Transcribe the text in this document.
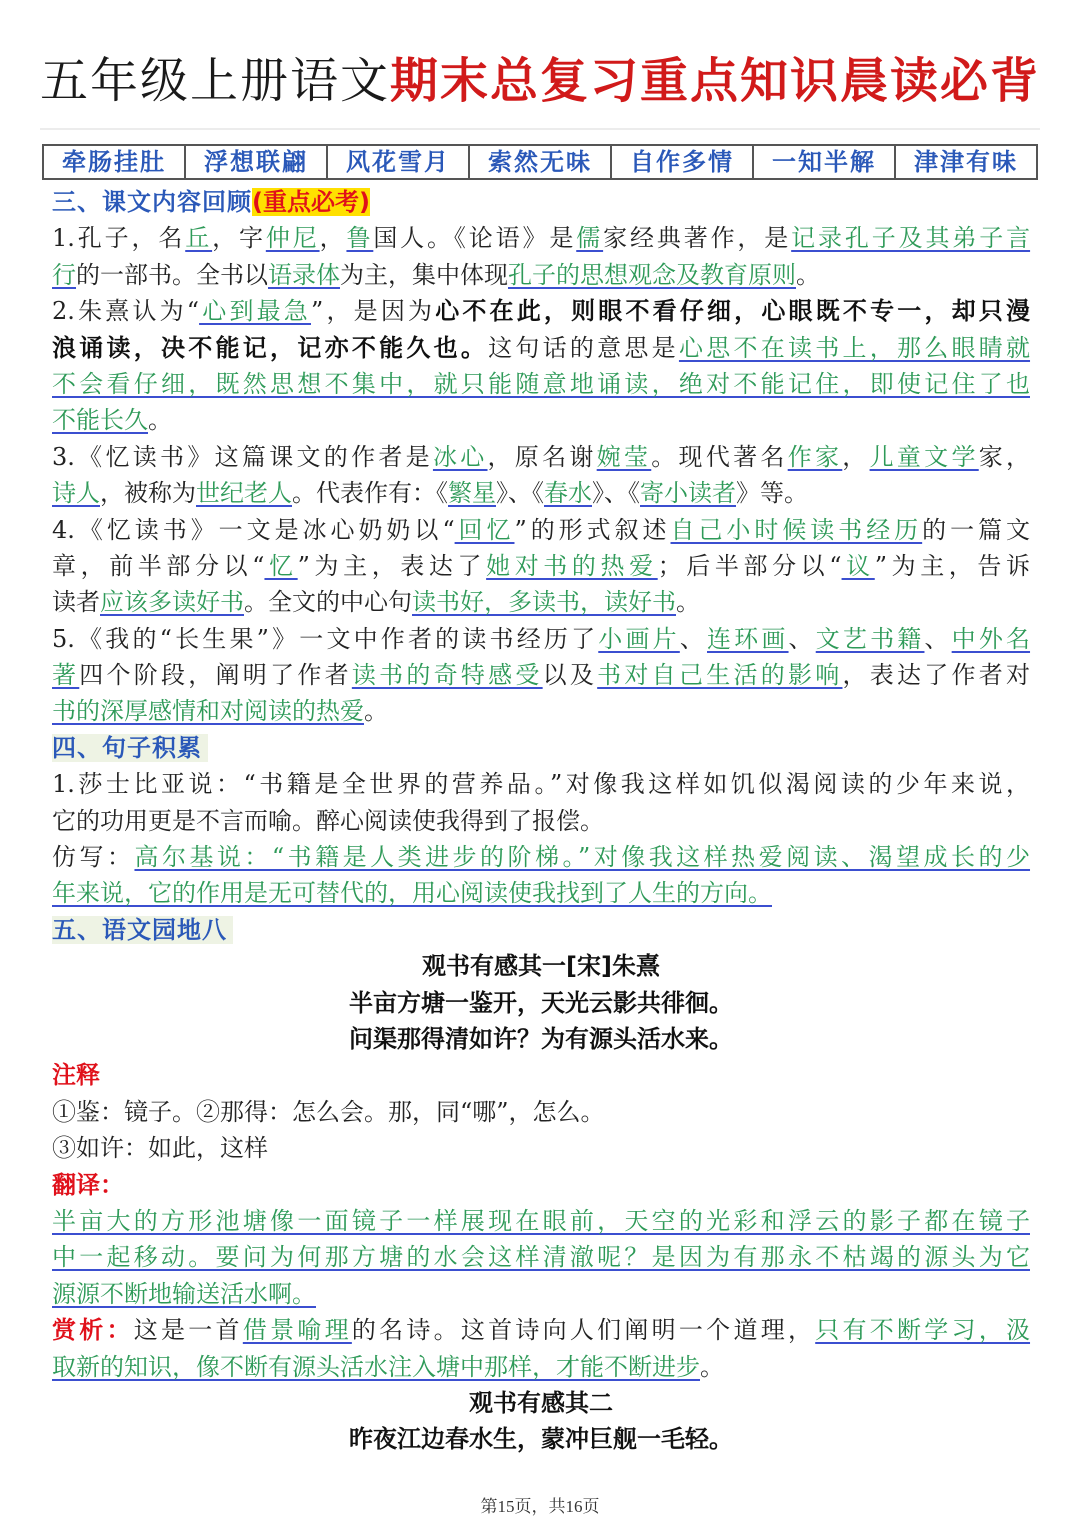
五年级上册语文期末总复习重点知识晨读必背
牵肠挂肚	浮想联翩	风花雪月	索然无味	自作多情	一知半解	津津有味
三、课文内容回顾(重点必考)
1.孔子，名丘，字仲尼，鲁国人。《论语》是儒家经典著作，是记录孔子及其弟子言
行的一部书。全书以语录体为主，集中体现孔子的思想观念及教育原则。
2.朱熹认为“心到最急”，是因为心不在此，则眼不看仔细，心眼既不专一，却只漫
浪诵读，决不能记，记亦不能久也。这句话的意思是心思不在读书上，那么眼睛就
不会看仔细，既然思想不集中，就只能随意地诵读，绝对不能记住，即使记住了也
不能长久。
3.《忆读书》这篇课文的作者是冰心，原名谢婉莹。现代著名作家，儿童文学家，
诗人，被称为世纪老人。代表作有：《繁星》、《春水》、《寄小读者》等。
4.《忆读书》一文是冰心奶奶以“回忆”的形式叙述自己小时候读书经历的一篇文
章，前半部分以“忆”为主，表达了她对书的热爱；后半部分以“议”为主，告诉
读者应该多读好书。全文的中心句读书好，多读书，读好书。
5.《我的“长生果”》一文中作者的读书经历了小画片、连环画、文艺书籍、中外名
著四个阶段，阐明了作者读书的奇特感受以及书对自己生活的影响，表达了作者对
书的深厚感情和对阅读的热爱。
四、句子积累
1.莎士比亚说：“书籍是全世界的营养品。”对像我这样如饥似渴阅读的少年来说，
它的功用更是不言而喻。醉心阅读使我得到了报偿。
仿写：高尔基说：“书籍是人类进步的阶梯。”对像我这样热爱阅读、渴望成长的少
年来说，它的作用是无可替代的，用心阅读使我找到了人生的方向。
五、语文园地八
观书有感其一[宋]朱熹
半亩方塘一鉴开，天光云影共徘徊。
问渠那得清如许？为有源头活水来。
注释
①鉴：镜子。②那得：怎么会。那，同“哪”，怎么。
③如许：如此，这样
翻译：
半亩大的方形池塘像一面镜子一样展现在眼前，天空的光彩和浮云的影子都在镜子
中一起移动。要问为何那方塘的水会这样清澈呢？是因为有那永不枯竭的源头为它
源源不断地输送活水啊。
赏析：这是一首借景喻理的名诗。这首诗向人们阐明一个道理，只有不断学习，汲
取新的知识，像不断有源头活水注入塘中那样，才能不断进步。
观书有感其二
昨夜江边春水生，蒙冲巨舰一毛轻。
第15页，共16页
